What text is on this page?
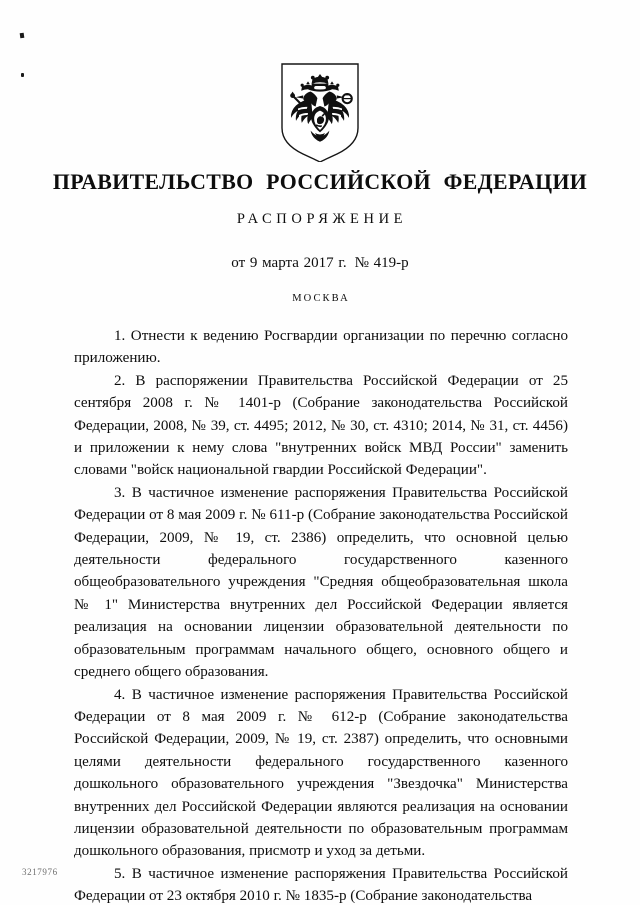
ПРАВИТЕЛЬСТВО РОССИЙСКОЙ ФЕДЕРАЦИИ
РАСПОРЯЖЕНИЕ
от 9 марта 2017 г. № 419-р
МОСКВА

1. Отнести к ведению Росгвардии организации по перечню согласно приложению.

2. В распоряжении Правительства Российской Федерации от 25 сентября 2008 г. № 1401-р (Собрание законодательства Российской Федерации, 2008, № 39, ст. 4495; 2012, № 30, ст. 4310; 2014, № 31, ст. 4456) и приложении к нему слова "внутренних войск МВД России" заменить словами "войск национальной гвардии Российской Федерации".

3. В частичное изменение распоряжения Правительства Российской Федерации от 8 мая 2009 г. № 611-р (Собрание законодательства Российской Федерации, 2009, № 19, ст. 2386) определить, что основной целью деятельности федерального государственного казенного общеобразовательного учреждения "Средняя общеобразовательная школа № 1" Министерства внутренних дел Российской Федерации является реализация на основании лицензии образовательной деятельности по образовательным программам начального общего, основного общего и среднего общего образования.

4. В частичное изменение распоряжения Правительства Российской Федерации от 8 мая 2009 г. № 612-р (Собрание законодательства Российской Федерации, 2009, № 19, ст. 2387) определить, что основными целями деятельности федерального государственного казенного дошкольного образовательного учреждения "Звездочка" Министерства внутренних дел Российской Федерации являются реализация на основании лицензии образовательной деятельности по образовательным программам дошкольного образования, присмотр и уход за детьми.

5. В частичное изменение распоряжения Правительства Российской Федерации от 23 октября 2010 г. № 1835-р (Собрание законодательства

3217976
